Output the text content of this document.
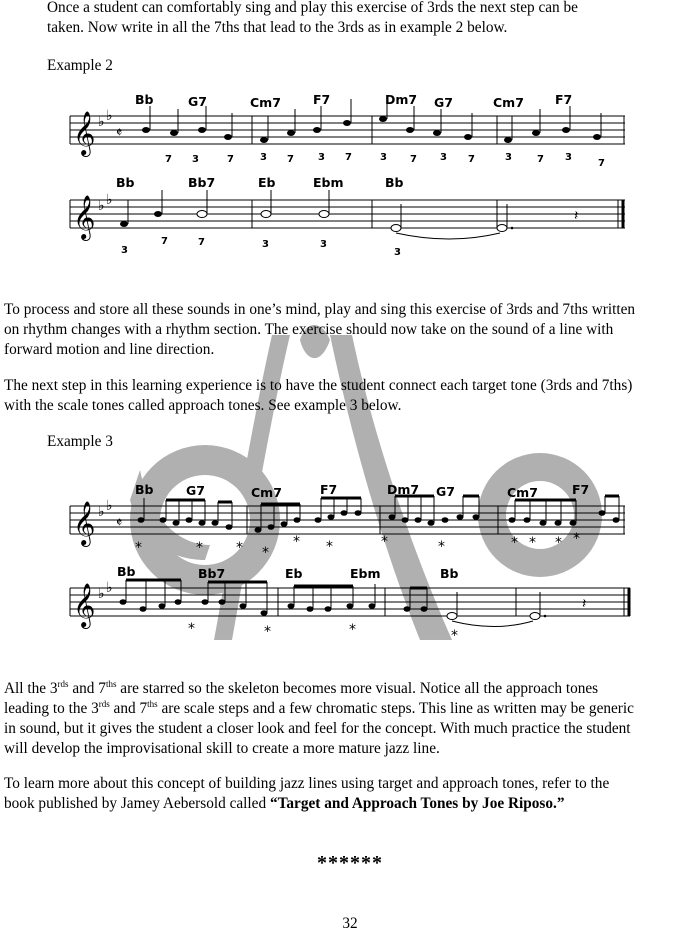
Once a student can comfortably sing and play this exercise of 3rds the next step can be

taken. Now write in all the 7ths that lead to the 3rds as in example 2 below.

Example 2
𝄞 ♭ ♭
𝄵
Bb	G7	Cm7	F7	Dm7 G7	Cm7 F7
7 3	7	3 7 3 7	3 7 3 7	3	7 3
7
𝄞 ♭ ♭
𝄽
Bb	Bb7	Eb	Ebm	Bb
3
7	7	3	3
3

To process and store all these sounds in one’s mind, play and sing this exercise of 3rds and 7ths written

on rhythm changes with a rhythm section. The exercise should now take on the sound of a line with

forward motion and line direction.

The next step in this learning experience is to have the student connect each target tone (3rds and 7ths)

with the scale tones called approach tones. See example 3 below.

Example 3
𝄞 ♭ ♭
𝄵
*	* * *
* *	*	*	* * * *
Bb	G7	Cm7	F7	Dm7 G7	Cm7	F7
𝄞 ♭ ♭
𝄽
*	*	*	*
Bb	Bb7	Eb	Ebm	Bb

All the $3^{rds}$ and $7^{ths}$ are starred so the skeleton becomes more visual. Notice all the approach tones

leading to the $3^{rds}$ and $7^{ths}$ are scale steps and a few chromatic steps. This line as written may be generic

in sound, but it gives the student a closer look and feel for the concept. With much practice the student

will develop the improvisational skill to create a more mature jazz line.

To learn more about this concept of building jazz lines using target and approach tones, refer to the

book published by Jamey Aebersold called “Target and Approach Tones by Joe Riposo.”

******
32
